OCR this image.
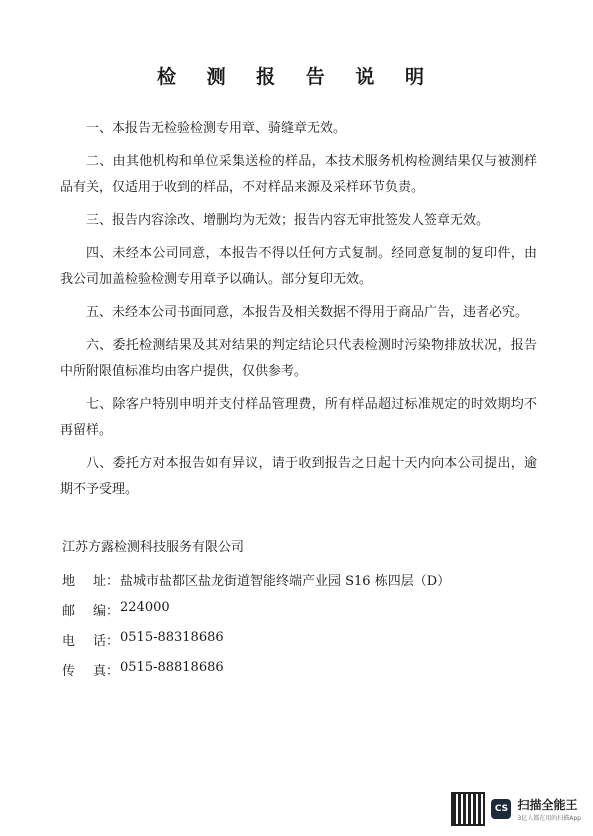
检 测 报 告 说 明

一、本报告无检验检测专用章、骑缝章无效。

二、由其他机构和单位采集送检的样品，本技术服务机构检测结果仅与被测样品有关，仅适用于收到的样品，不对样品来源及采样环节负责。

三、报告内容涂改、增删均为无效；报告内容无审批签发人签章无效。

四、未经本公司同意，本报告不得以任何方式复制。经同意复制的复印件，由我公司加盖检验检测专用章予以确认。部分复印无效。

五、未经本公司书面同意，本报告及相关数据不得用于商品广告，违者必究。

六、委托检测结果及其对结果的判定结论只代表检测时污染物排放状况，报告中所附限值标准均由客户提供，仅供参考。

七、除客户特别申明并支付样品管理费，所有样品超过标准规定的时效期均不再留样。

八、委托方对本报告如有异议，请于收到报告之日起十天内向本公司提出，逾期不予受理。

江苏方露检测科技服务有限公司
地 址 ： 盐城市盐都区盐龙街道智能终端产业园 S16 栋四层（D）
邮 编 ： 224000
电 话 ： 0515-88318686
传 真 ： 0515-88818686
CS 扫描全能王
3亿人都在用的扫描App
